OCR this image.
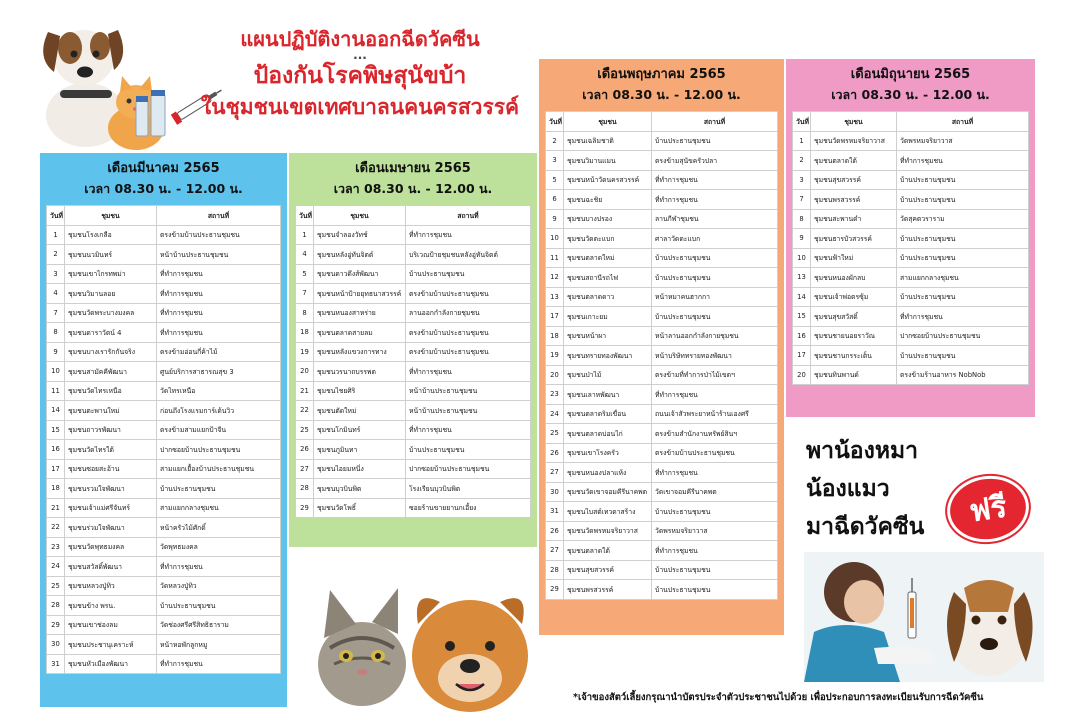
แผนปฏิบัติงานออกฉีดวัคซีน
...
ป้องกันโรคพิษสุนัขบ้า
ในชุมชนเขตเทศบาลนคนครสวรรค์
เดือนมีนาคม 2565
เวลา 08.30 น. - 12.00 น.
วันที่	ชุมชน	สถานที่
1	ชุมชนโรงเกลือ	ตรงข้ามบ้านประธานชุมชน
2	ชุมชนนวมินทร์	หน้าบ้านประธานชุมชน
3	ชุมชนเขาไกรทพม่า	ที่ทำการชุมชน
4	ชุมชนวิมานลอย	ที่ทำการชุมชน
7	ชุมชนวัดพระบางมงคล	ที่ทำการชุมชน
8	ชุมชนดาราวัตน์ 4	ที่ทำการชุมชน
9	ชุมชนบางเรารักกันจริง	ตรงข้ามอ่อนกี่ค้าไม้
10	ชุมชนสามัคคีพัฒนา	ศูนย์บริการสาธารณสุข 3
11	ชุมชนวัดไทรเหนือ	วัดไทรเหนือ
14	ชุมชนตะพานใหม่	ก่อนถึงโรงแรมการ์เด้นวิว
15	ชุมชนถาวรพัฒนา	ตรงข้ามสามแยกป้าจีน
16	ชุมชนวัดไทรใต้	ปากซอยบ้านประธานชุมชน
17	ชุมชนซอยสะอ้าน	สามแยกเยื้องบ้านประธานชุมชน
18	ชุมชนรวมใจพัฒนา	บ้านประธานชุมชน
21	ชุมชนเจ้าแม่ศรีจันทร์	สามแยกกลางชุมชน
22	ชุมชนร่วมใจพัฒนา	หน้าครัวไม้ศักดิ์
23	ชุมชนวัดพุทธมงคล	วัดพุทธมงคล
24	ชุมชนสวัสดิ์พัฒนา	ที่ทำการชุมชน
25	ชุมชนหลวงปู่ทิว	วัดหลวงปู่ทิว
28	ชุมชนข้าง พรน.	บ้านประธานชุมชน
29	ชุมชนเขาช่องลม	วัดช่องศรีศรีสิทธิธาราม
30	ชุมชนประชานุเคราะห์	หน้าหอพักลูกหมู
31	ชุมชนหัวเมืองพัฒนา	ที่ทำการชุมชน
เดือนเมษายน 2565
เวลา 08.30 น. - 12.00 น.
วันที่	ชุมชน	สถานที่
1	ชุมชนจำลองวัทช์	ที่ทำการชุมชน
4	ชุมชนหลังอู่ทันจิตต์	บริเวณป้ายชุมชนหลังอู่ทันจิตต์
5	ชุมชนดาวดึงส์พัฒนา	บ้านประธานชุมชน
7	ชุมชนหน้าป้ายยุทธนาสวรรค์	ตรงข้ามบ้านประธานชุมชน
8	ชุมชนหนองสาหร่าย	ลานออกกำลังกายชุมชน
18	ชุมชนตลาดสายลม	ตรงข้ามบ้านประธานชุมชน
19	ชุมชนหลังแขวงการทาง	ตรงข้ามบ้านประธานชุมชน
20	ชุมชนวรนาถบรรพต	ที่ทำการชุมชน
21	ชุมชนไชยศิริ	หน้าบ้านประธานชุมชน
22	ชุมชนตัดใหม่	หน้าบ้านประธานชุมชน
25	ชุมชนโกมินทร์	ที่ทำการชุมชน
26	ชุมชนภูมินทา	บ้านประธานชุมชน
27	ชุมชนไอยมหนึ่ง	ปากซอยบ้านประธานชุมชน
28	ชุมชนบุวบินพิต	โรงเรียนบุวบินพิต
29	ชุมชนวัดโพธิ์	ซอยร้านขายยานกเอี้ยง
เดือนพฤษภาคม 2565
เวลา 08.30 น. - 12.00 น.
วันที่	ชุมชน	สถานที่
2	ชุมชนเฉลิมชาติ	บ้านประธานชุมชน
3	ชุมชนวิมานแมน	ตรงข้ามสุนัขครัวปลา
5	ชุมชนหน้าวัดนครสวรรค์	ที่ทำการชุมชน
6	ชุมชนฉะชิย	ที่ทำการชุมชน
9	ชุมชนบางปรอง	ลานกีฬาชุมชน
10	ชุมชนวัดตะแบก	ศาลาวัดตะแบก
11	ชุมชนตลาดใหม่	บ้านประธานชุมชน
12	ชุมชนสถานีรถไฟ	บ้านประธานชุมชน
13	ชุมชนตลาดดาว	หน้าหมาคนฮากกา
17	ชุมชนเกาะยม	บ้านประธานชุมชน
18	ชุมชนหน้าผา	หน้าลานออกกำลังกายชุมชน
19	ชุมชนทรายทองพัฒนา	หน้าบริษัททรายทองพัฒนา
20	ชุมชนป่าไม้	ตรงข้ามที่ทำการป่าไม้เขตฯ
23	ชุมชนเลาหพัฒนา	ที่ทำการชุมชน
24	ชุมชนตลาดริมเขื่อน	ถนนเจ้าสัวพระยาหน้าร้านเองศรี
25	ชุมชนตลาดบ่อนไก่	ตรงข้ามสำนักงานทรัพย์สินฯ
26	ชุมชนเขาโรงครัว	ตรงข้ามบ้านประธานชุมชน
27	ชุมชนหนองปลาแห้ง	ที่ทำการชุมชน
30	ชุมชนวัดเขาจอมคีรีนาคพต	วัดเขาจอมคีรีนาคพต
31	ชุมชนไบสต์เทวดาสร้าง	บ้านประธานชุมชน
26	ชุมชนวัดพรหมจริยาวาส	วัดพรหมจริยาวาส
27	ชุมชนตลาดใต้	ที่ทำการชุมชน
28	ชุมชนสุขสวรรค์	บ้านประธานชุมชน
29	ชุมชนพรสวรรค์	บ้านประธานชุมชน
เดือนมิถุนายน 2565
เวลา 08.30 น. - 12.00 น.
วันที่	ชุมชน	สถานที่
1	ชุมชนวัดพรหมจริยาวาส	วัดพรหมจริยาวาส
2	ชุมชนตลาดใต้	ที่ทำการชุมชน
3	ชุมชนสุขสวรรค์	บ้านประธานชุมชน
7	ชุมชนพรสวรรค์	บ้านประธานชุมชน
8	ชุมชนสะพานดำ	วัดสุคตวราราม
9	ชุมชนธารบัวสวรรค์	บ้านประธานชุมชน
10	ชุมชนฟ้าใหม่	บ้านประธานชุมชน
13	ชุมชนหนองผักลบ	สามแยกกลางชุมชน
14	ชุมชนเจ้าพ่อตรซุ้ม	บ้านประธานชุมชน
15	ชุมชนสุขสวัสดิ์	ที่ทำการชุมชน
16	ชุมชนชายนอยราวัณ	ปากซอยบ้านประธานชุมชน
17	ชุมชนชานกรระเต็น	บ้านประธานชุมชน
20	ชุมชนทินพานด์	ตรงข้ามร้านอาหาร NobNob
พาน้องหมา
น้องแมว
มาฉีดวัคซีน	ฟรี
*เจ้าของสัตว์เลี้ยงกรุณานำบัตรประจำตัวประชาชนไปด้วย เพื่อประกอบการลงทะเบียนรับการฉีดวัคซีน
